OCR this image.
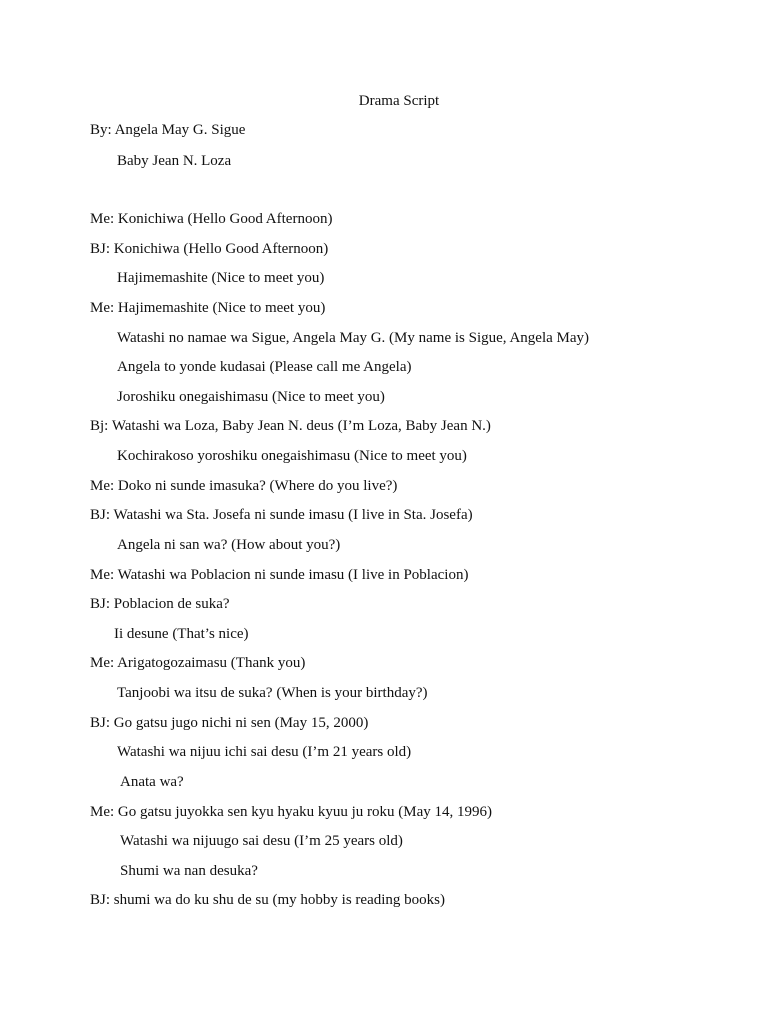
Drama Script
By: Angela May G. Sigue
Baby Jean N. Loza
Me: Konichiwa (Hello Good Afternoon)
BJ: Konichiwa (Hello Good Afternoon)
Hajimemashite (Nice to meet you)
Me: Hajimemashite (Nice to meet you)
Watashi no namae wa Sigue, Angela May G. (My name is Sigue, Angela May)
Angela to yonde kudasai (Please call me Angela)
Joroshiku onegaishimasu (Nice to meet you)
Bj: Watashi wa Loza, Baby Jean N. deus (I’m Loza, Baby Jean N.)
Kochirakoso yoroshiku onegaishimasu (Nice to meet you)
Me: Doko ni sunde imasuka? (Where do you live?)
BJ: Watashi wa Sta. Josefa ni sunde imasu (I live in Sta. Josefa)
Angela ni san wa? (How about you?)
Me: Watashi wa Poblacion ni sunde imasu (I live in Poblacion)
BJ: Poblacion de suka?
Ii desune (That’s nice)
Me: Arigatogozaimasu (Thank you)
Tanjoobi wa itsu de suka? (When is your birthday?)
BJ: Go gatsu jugo nichi ni sen (May 15, 2000)
Watashi wa nijuu ichi sai desu (I’m 21 years old)
Anata wa?
Me: Go gatsu juyokka sen kyu hyaku kyuu ju roku (May 14, 1996)
Watashi wa nijuugo sai desu (I’m 25 years old)
Shumi wa nan desuka?
BJ: shumi wa do ku shu de su (my hobby is reading books)
